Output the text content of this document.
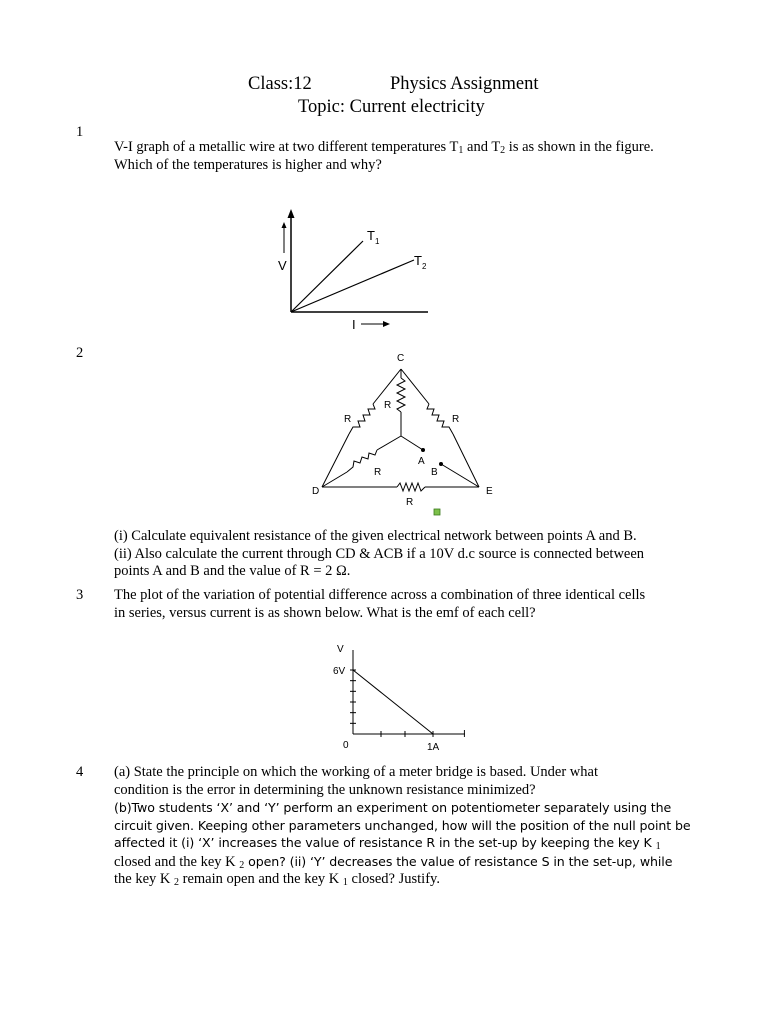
Class:12	Physics Assignment
Topic: Current electricity
1

V-I graph of a metallic wire at two different temperatures $T_1$ and $T_2$ is as shown in the figure.

Which of the temperatures is higher and why?

V
I
$T_1$
$T_2$
2	C
D	E
A
B
R
R	R
R
R

(i) Calculate equivalent resistance of the given electrical network between points A and B.

(ii) Also calculate the current through CD & ACB if a 10V d.c source is connected between

points A and B and the value of R = 2 Ω.

3 The plot of the variation of potential difference across a combination of three identical cells

in series, versus current is as shown below. What is the emf of each cell?

V
I
0
6V
1A
4 (a) State the principle on which the working of a meter bridge is based. Under what

condition is the error in determining the unknown resistance minimized?

(b)Two students ‘X’ and ‘Y’ perform an experiment on potentiometer separately using the

circuit given. Keeping other parameters unchanged, how will the position of the null point be

affected it (i) ‘X’ increases the value of resistance R in the set-up by keeping the key K $_1$

closed and the key K $_2$ open? (ii) ‘Y’ decreases the value of resistance S in the set-up, while

the key K $_2$ remain open and the key K $_1$ closed? Justify.
